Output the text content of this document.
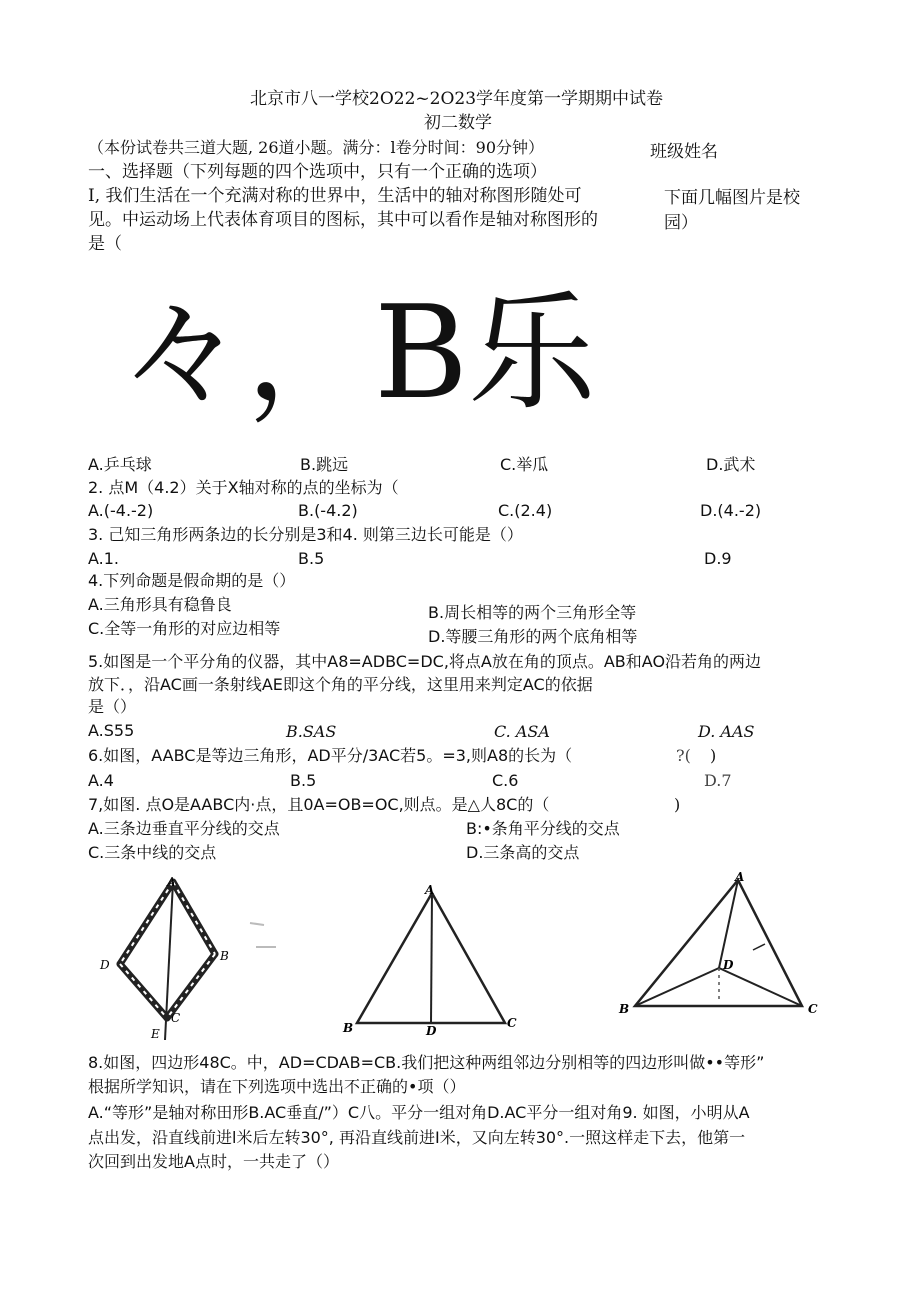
北京市八一学校2O22~2O23学年度第一学期期中试卷
初二数学
（本份试卷共三道大题, 26道小题。满分：l卷分时间：90分钟）	班级姓名
一、选择题（下列每题的四个选项中，只有一个正确的选项）
I, 我们生活在一个充满对称的世界中，生活中的轴对称图形随处可
见。中运动场上代表体育项目的图标，其中可以看作是轴对称图形的
是（
下面几幅图片是校
园）
々，B乐
A.乒乓球	B.跳远	C.举瓜	D.武术
2. 点M（4.2）关于X轴对称的点的坐标为（
A.(-4.-2)	B.(-4.2)	C.(2.4)	D.(4.-2)
3. 己知三角形两条边的长分别是3和4. 则第三边长可能是（）
A.1.	B.5	D.9
4.下列命题是假命期的是（）
A.三角形具有稳鲁良	B.周长相等的两个三角形全等
C.全等一角形的对应边相等	D.等腰三角形的两个底角相等
5.如图是一个平分角的仪器，其中A8=ADBC=DC,将点A放在角的顶点。AB和AO沿若角的两边
放下．，沿AC画一条射线AE即这个角的平分线，这里用来判定AC的依据
是（）
A.S55	B.SAS	C. ASA	D. AAS
6.如图，AABC是等边三角形，AD平分/3AC若5。=3,则A8的长为（	?( )
A.4	B.5	C.6	D.7
7,如图. 点O是AABC内·点，且0A=OB=OC,则点。是△人8C的（	)
A.三条边垂直平分线的交点	B:•条角平分线的交点
C.三条中线的交点	D.三条高的交点
A
D
B
E
C
A
B	D
C
A
D
B	C
8.如图，四边形48C。中，AD=CDAB=CB.我们把这种两组邻边分别相等的四边形叫做••等形”
根据所学知识，请在下列选项中选出不正确的•项（）
A.“等形”是轴对称田形B.AC垂直/”）C八。平分一组对角D.AC平分一组对角9. 如图，小明从A
点出发，沿直线前进l米后左转30°, 再沿直线前进I米，又向左转30°.一照这样走下去，他第一
次回到出发地A点时，一共走了（）
